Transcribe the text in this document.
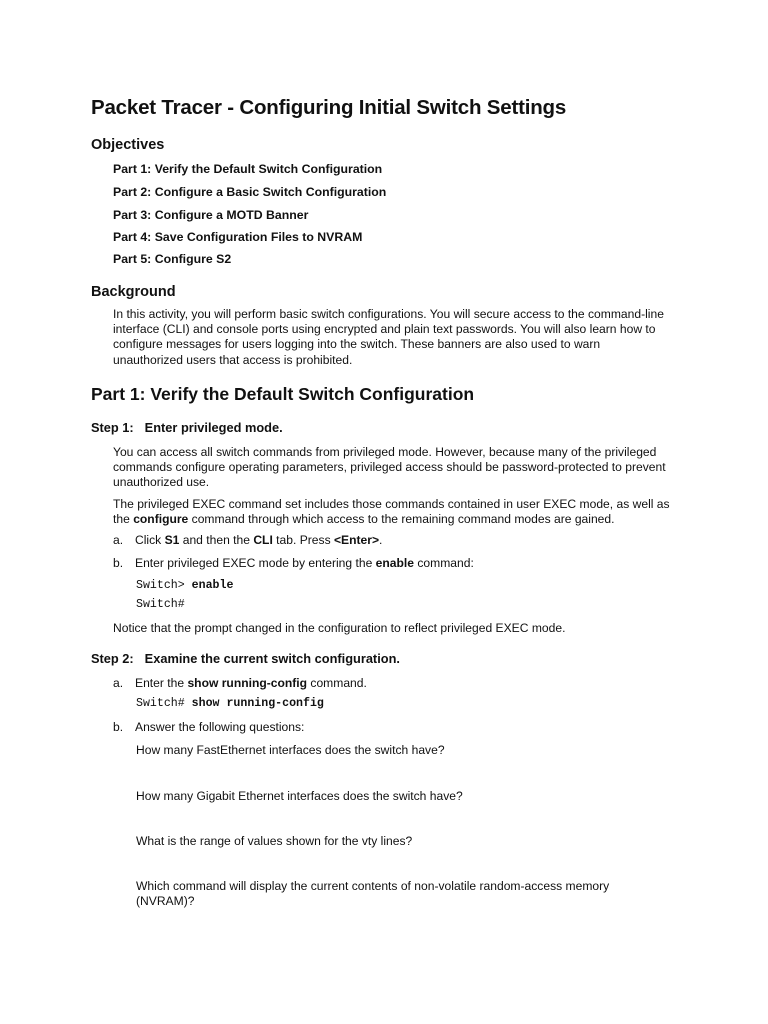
Packet Tracer - Configuring Initial Switch Settings
Objectives

Part 1: Verify the Default Switch Configuration

Part 2: Configure a Basic Switch Configuration

Part 3: Configure a MOTD Banner

Part 4: Save Configuration Files to NVRAM

Part 5: Configure S2

Background

In this activity, you will perform basic switch configurations. You will secure access to the command-line interface (CLI) and console ports using encrypted and plain text passwords. You will also learn how to configure messages for users logging into the switch. These banners are also used to warn unauthorized users that access is prohibited.

Part 1: Verify the Default Switch Configuration
Step 1: Enter privileged mode.

You can access all switch commands from privileged mode. However, because many of the privileged commands configure operating parameters, privileged access should be password-protected to prevent unauthorized use.

The privileged EXEC command set includes those commands contained in user EXEC mode, as well as the configure command through which access to the remaining command modes are gained.

a. Click S1 and then the CLI tab. Press <Enter>.

b. Enter privileged EXEC mode by entering the enable command:

Switch> enable

Switch#

Notice that the prompt changed in the configuration to reflect privileged EXEC mode.

Step 2: Examine the current switch configuration.

a. Enter the show running-config command.

Switch# show running-config

b. Answer the following questions:

How many FastEthernet interfaces does the switch have?

How many Gigabit Ethernet interfaces does the switch have?

What is the range of values shown for the vty lines?

Which command will display the current contents of non-volatile random-access memory (NVRAM)?
